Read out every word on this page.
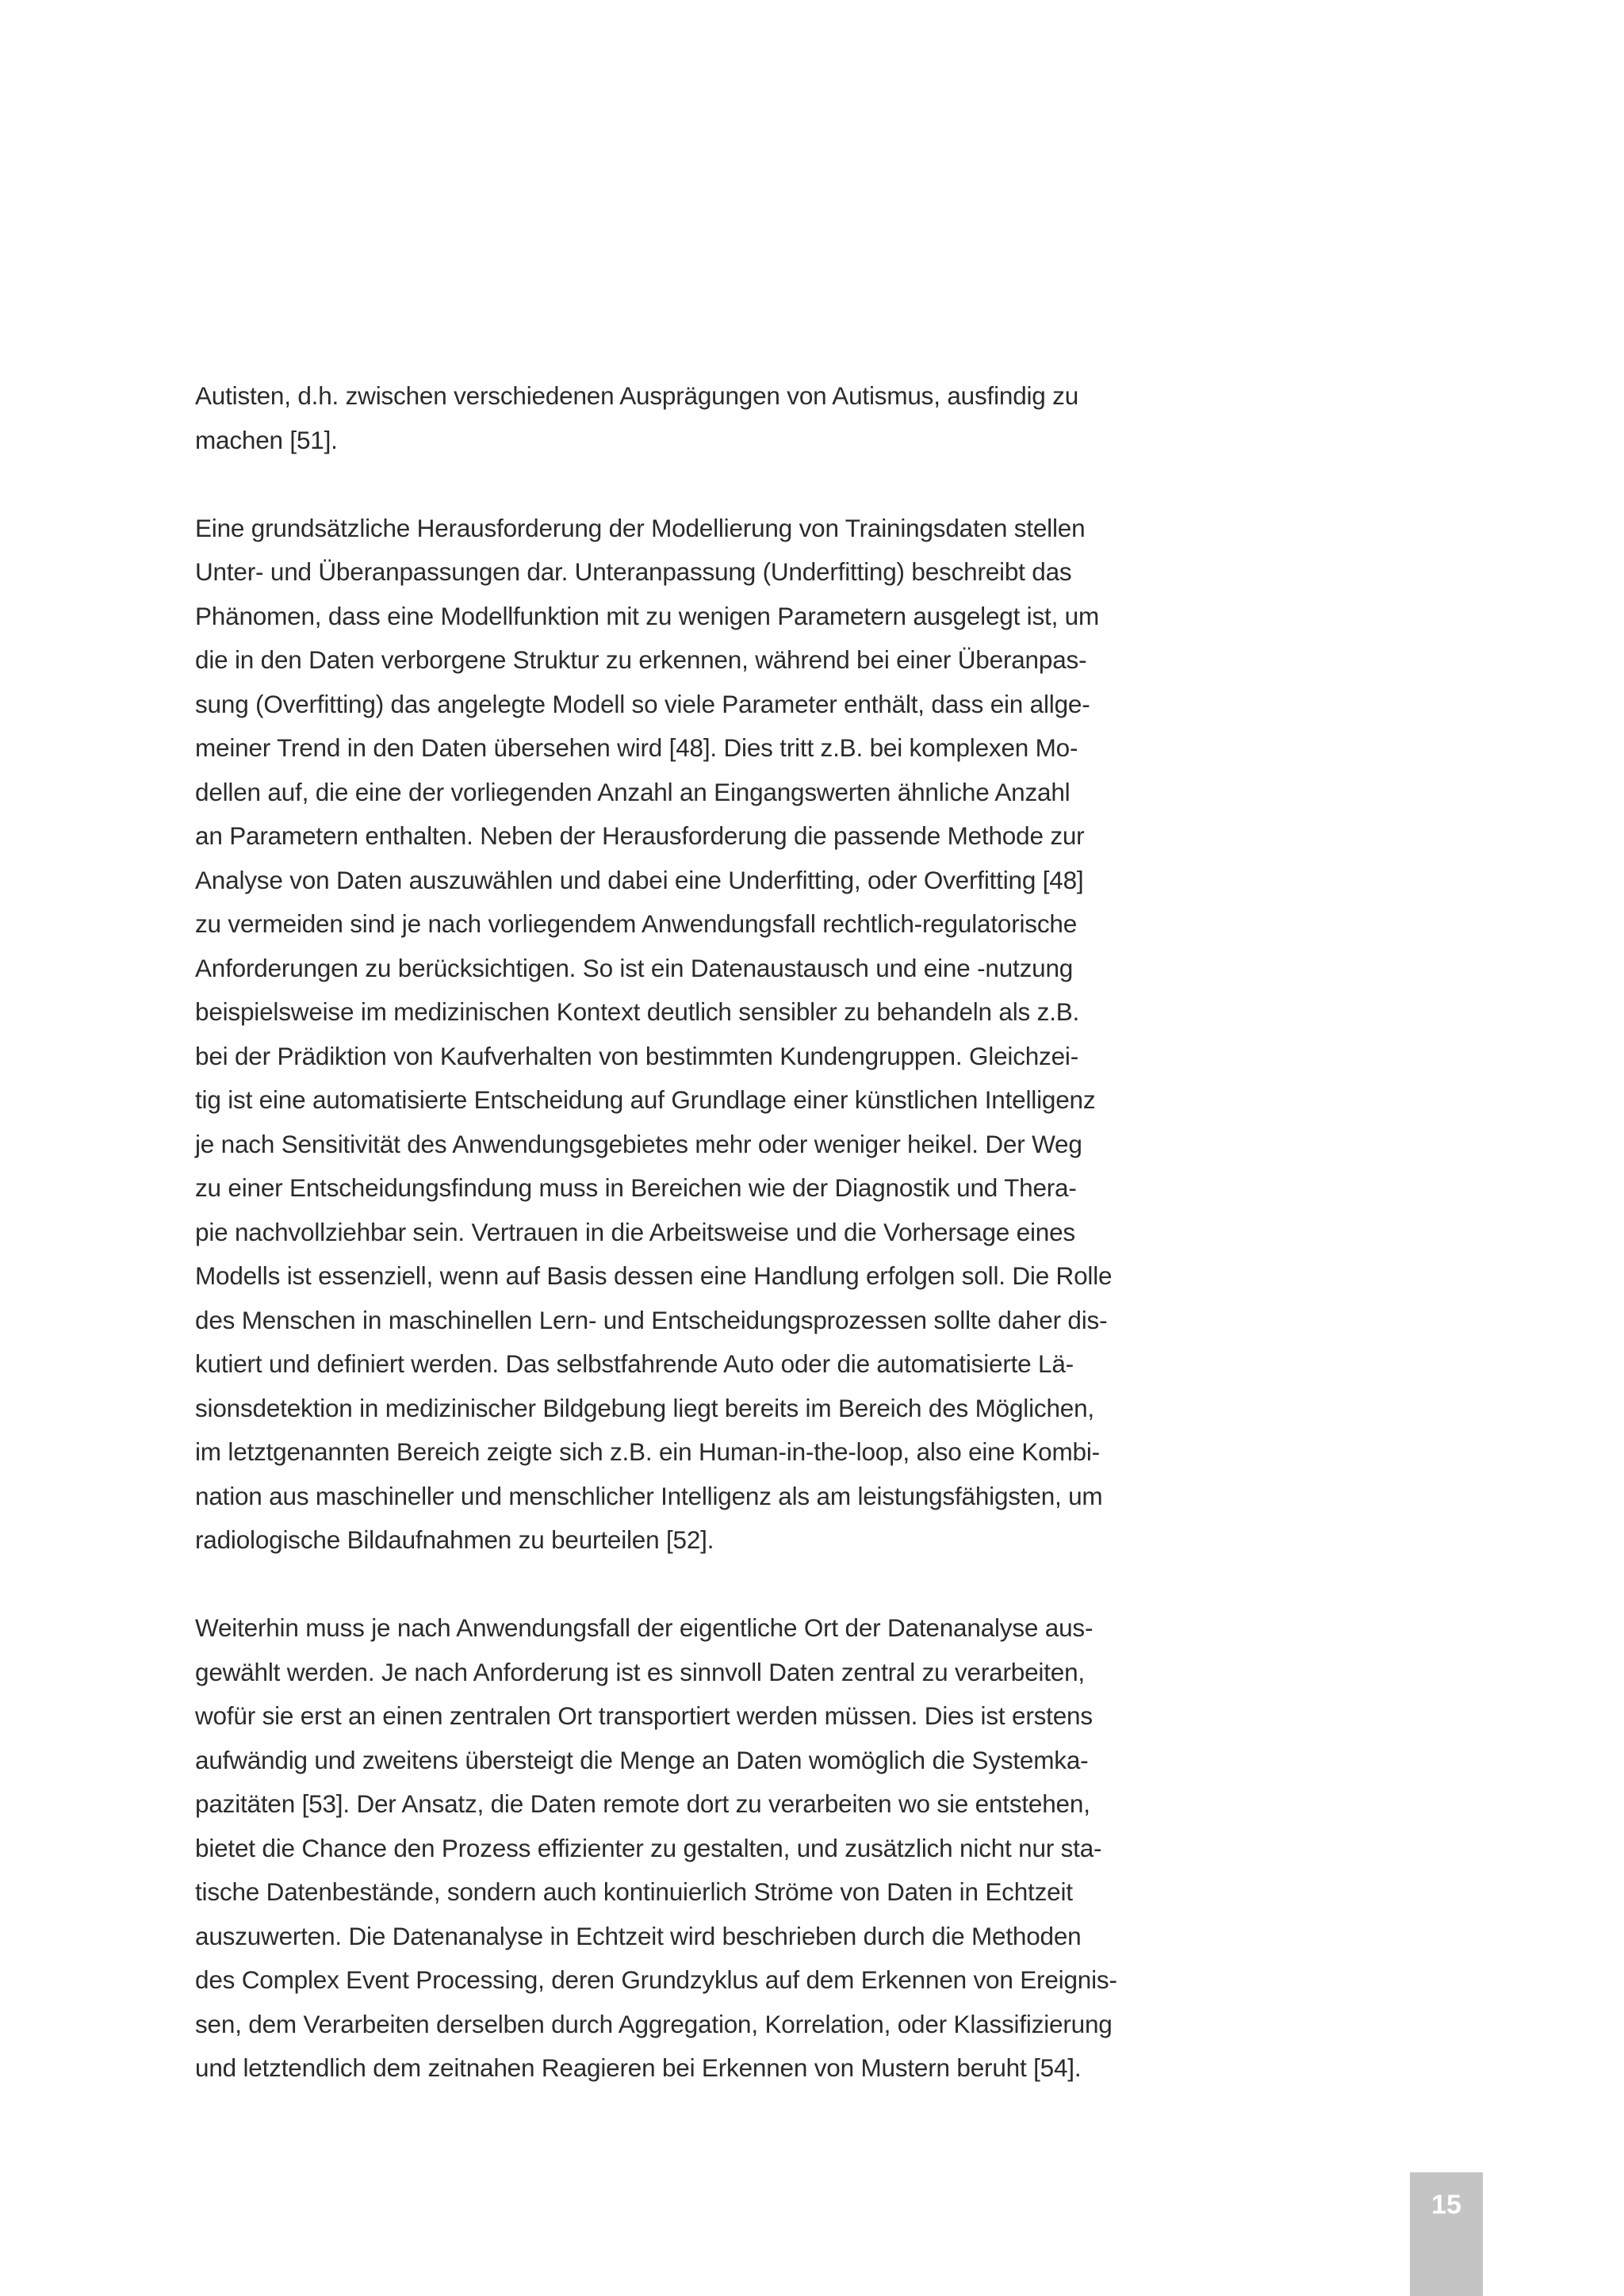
Autisten, d.h. zwischen verschiedenen Ausprägungen von Autismus, ausfindig zu
machen [51].
Eine grundsätzliche Herausforderung der Modellierung von Trainingsdaten stellen
Unter- und Überanpassungen dar. Unteranpassung (Underfitting) beschreibt das
Phänomen, dass eine Modellfunktion mit zu wenigen Parametern ausgelegt ist, um
die in den Daten verborgene Struktur zu erkennen, während bei einer Überanpas-
sung (Overfitting) das angelegte Modell so viele Parameter enthält, dass ein allge-
meiner Trend in den Daten übersehen wird [48]. Dies tritt z.B. bei komplexen Mo-
dellen auf, die eine der vorliegenden Anzahl an Eingangswerten ähnliche Anzahl
an Parametern enthalten. Neben der Herausforderung die passende Methode zur
Analyse von Daten auszuwählen und dabei eine Underfitting, oder Overfitting [48]
zu vermeiden sind je nach vorliegendem Anwendungsfall rechtlich-regulatorische
Anforderungen zu berücksichtigen. So ist ein Datenaustausch und eine -nutzung
beispielsweise im medizinischen Kontext deutlich sensibler zu behandeln als z.B.
bei der Prädiktion von Kaufverhalten von bestimmten Kundengruppen. Gleichzei-
tig ist eine automatisierte Entscheidung auf Grundlage einer künstlichen Intelligenz
je nach Sensitivität des Anwendungsgebietes mehr oder weniger heikel. Der Weg
zu einer Entscheidungsfindung muss in Bereichen wie der Diagnostik und Thera-
pie nachvollziehbar sein. Vertrauen in die Arbeitsweise und die Vorhersage eines
Modells ist essenziell, wenn auf Basis dessen eine Handlung erfolgen soll. Die Rolle
des Menschen in maschinellen Lern- und Entscheidungsprozessen sollte daher dis-
kutiert und definiert werden. Das selbstfahrende Auto oder die automatisierte Lä-
sionsdetektion in medizinischer Bildgebung liegt bereits im Bereich des Möglichen,
im letztgenannten Bereich zeigte sich z.B. ein Human-in-the-loop, also eine Kombi-
nation aus maschineller und menschlicher Intelligenz als am leistungsfähigsten, um
radiologische Bildaufnahmen zu beurteilen [52].
Weiterhin muss je nach Anwendungsfall der eigentliche Ort der Datenanalyse aus-
gewählt werden. Je nach Anforderung ist es sinnvoll Daten zentral zu verarbeiten,
wofür sie erst an einen zentralen Ort transportiert werden müssen. Dies ist erstens
aufwändig und zweitens übersteigt die Menge an Daten womöglich die Systemka-
pazitäten [53]. Der Ansatz, die Daten remote dort zu verarbeiten wo sie entstehen,
bietet die Chance den Prozess effizienter zu gestalten, und zusätzlich nicht nur sta-
tische Datenbestände, sondern auch kontinuierlich Ströme von Daten in Echtzeit
auszuwerten. Die Datenanalyse in Echtzeit wird beschrieben durch die Methoden
des Complex Event Processing, deren Grundzyklus auf dem Erkennen von Ereignis-
sen, dem Verarbeiten derselben durch Aggregation, Korrelation, oder Klassifizierung
und letztendlich dem zeitnahen Reagieren bei Erkennen von Mustern beruht [54].
15
